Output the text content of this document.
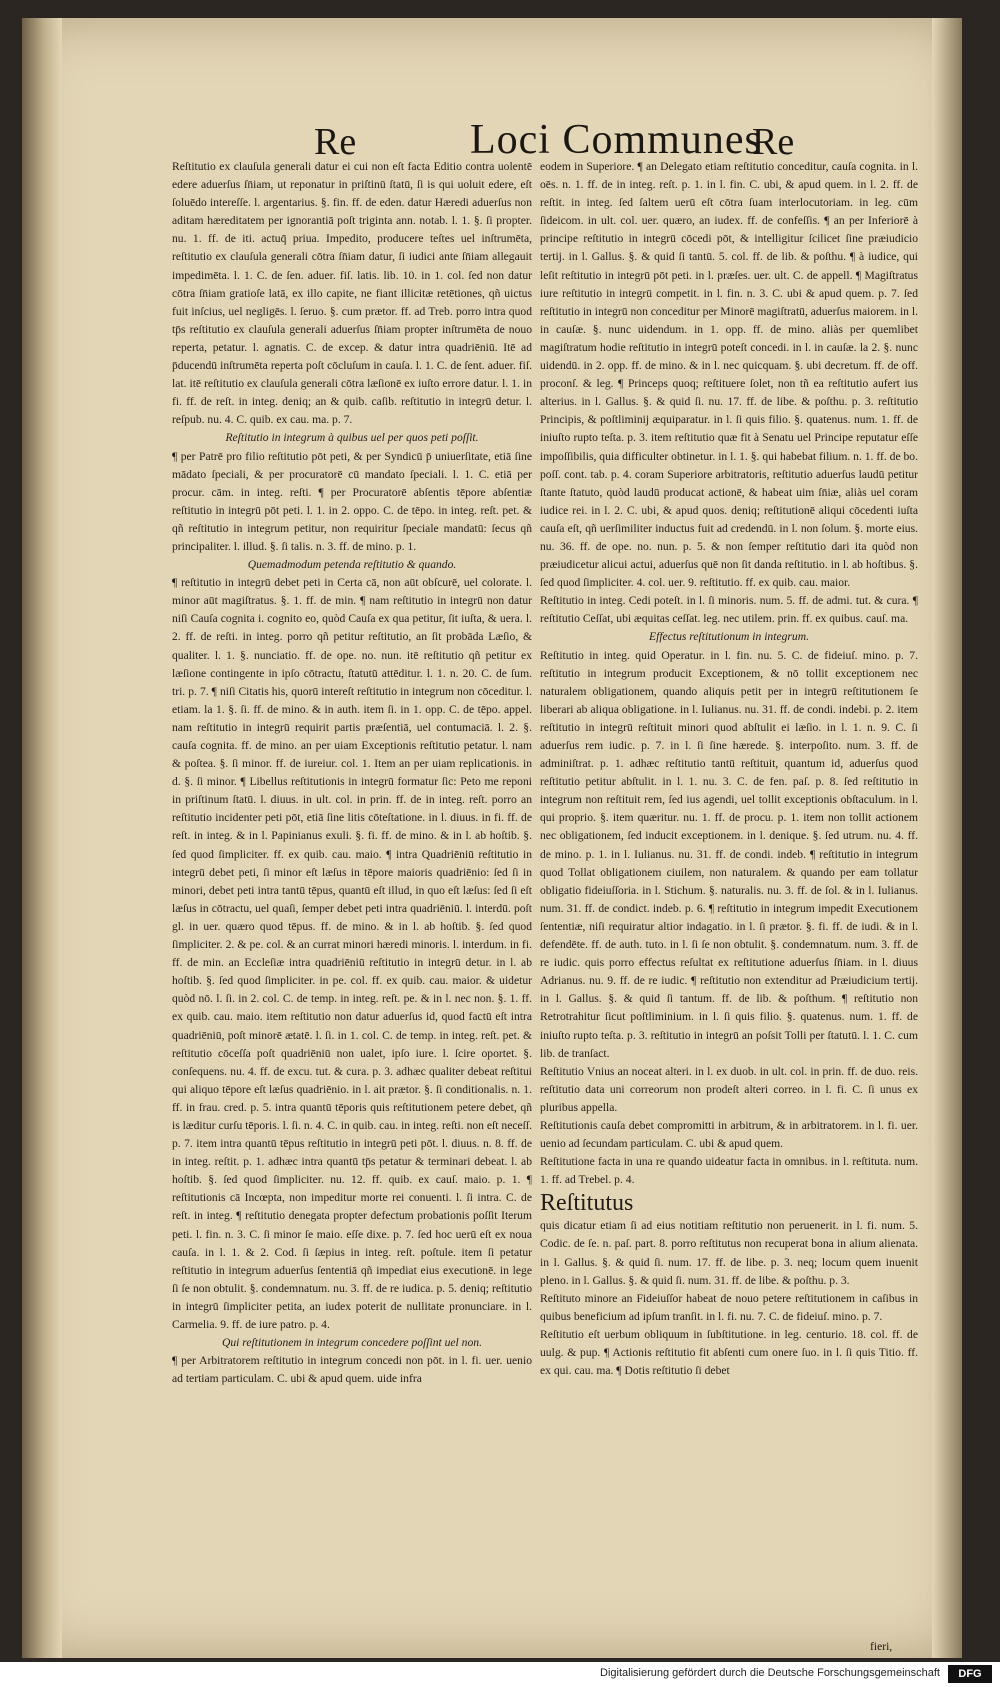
Re	Loci Communes
Re

Reſtitutio ex clauſula generali datur ei cui non eſt facta Editio contra uolentē edere aduerſus ſn̄iam, ut reponatur in priſtinū ſtatū, ſi is qui uoluit edere, eſt ſoluēdo intereſſe. l. argentarius. §. fin. ff. de eden. datur Hæredi aduerſus non aditam hæreditatem per ignorantiā poſt triginta ann. notab. l. 1. §. ſi propter. nu. 1. ff. de iti. actuq̄ priua. Impedito, producere teſtes uel inſtrumēta, reſtitutio ex clauſula generali cōtra ſn̄iam datur, ſi iudici ante ſn̄iam allegauit impedimēta. l. 1. C. de ſen. aduer. fiſ. latis. lib. 10. in 1. col. ſed non datur cōtra ſn̄iam gratioſe latā, ex illo capite, ne fiant illicitæ retētiones, qñ uictus fuit inſcius, uel negligēs. l. ſeruo. §. cum prætor. ff. ad Treb. porro intra quod tp̄s reſtitutio ex clauſula generali aduerſus ſn̄iam propter inſtrumēta de nouo reperta, petatur. l. agnatis. C. de excep. & datur intra quadriēniū. Itē ad p̄ducendū inſtrumēta reperta poſt cōcluſum in cauſa. l. 1. C. de ſent. aduer. fiſ. lat. itē reſtitutio ex clauſula generali cōtra læſionē ex iuſto errore datur. l. 1. in fi. ff. de reſt. in integ. deniq; an & quib. caſib. reſtitutio in integrū detur. l. reſpub. nu. 4. C. quib. ex cau. ma. p. 7.

Reſtitutio in integrum à quibus uel per quos peti poſſit.

¶ per Patrē pro filio reſtitutio pōt peti, & per Syndicū p̄ uniuerſitate, etiā ſine mādato ſpeciali, & per procuratorē cū mandato ſpeciali. l. 1. C. etiā per procur. cām. in integ. reſti. ¶ per Procuratorē abſentis tēpore abſentiæ reſtitutio in integrū pōt peti. l. 1. in 2. oppo. C. de tēpo. in integ. reſt. pet. & qñ reſtitutio in integrum petitur, non requiritur ſpeciale mandatū: ſecus qñ principaliter. l. illud. §. ſi talis. n. 3. ff. de mino. p. 1.

Quemadmodum petenda reſtitutio & quando.

¶ reſtitutio in integrū debet peti in Certa cā, non aūt obſcurē, uel colorate. l. minor aūt magiſtratus. §. 1. ff. de min. ¶ nam reſtitutio in integrū non datur niſi Cauſa cognita i. cognito eo, quòd Cauſa ex qua petitur, ſit iuſta, & uera. l. 2. ff. de reſti. in integ. porro qñ petitur reſtitutio, an ſit probāda Læſio, & qualiter. l. 1. §. nunciatio. ff. de ope. no. nun. itē reſtitutio qñ petitur ex læſione contingente in ipſo cōtractu, ſtatutū attēditur. l. 1. n. 20. C. de ſum. tri. p. 7. ¶ niſi Citatis his, quorū intereſt reſtitutio in integrum non cōceditur. l. etiam. la 1. §. ſi. ff. de mino. & in auth. item ſi. in 1. opp. C. de tēpo. appel. nam reſtitutio in integrū requirit partis præſentiā, uel contumaciā. l. 2. §. cauſa cognita. ff. de mino. an per uiam Exceptionis reſtitutio petatur. l. nam & poſtea. §. ſi minor. ff. de iureiur. col. 1. Item an per uiam replicationis. in d. §. ſi minor. ¶ Libellus reſtitutionis in integrū formatur ſic: Peto me reponi in priſtinum ſtatū. l. diuus. in ult. col. in prin. ff. de in integ. reſt. porro an reſtitutio incidenter peti pōt, etiā ſine litis cōteſtatione. in l. diuus. in fi. ff. de reſt. in integ. & in l. Papinianus exuli. §. fi. ff. de mino. & in l. ab hoſtib. §. ſed quod ſimpliciter. ff. ex quib. cau. maio. ¶ intra Quadriēniū reſtitutio in integrū debet peti, ſi minor eſt læſus in tēpore maioris quadriēnio: ſed ſi in minori, debet peti intra tantū tēpus, quantū eſt illud, in quo eſt læſus: ſed ſi eſt læſus in cōtractu, uel quaſi, ſemper debet peti intra quadriēniū. l. interdū. poſt gl. in uer. quæro quod tēpus. ff. de mino. & in l. ab hoſtib. §. ſed quod ſimpliciter. 2. & pe. col. & an currat minori hæredi minoris. l. interdum. in fi. ff. de min. an Eccleſiæ intra quadriēniū reſtitutio in integrū detur. in l. ab hoſtib. §. ſed quod ſimpliciter. in pe. col. ff. ex quib. cau. maior. & uidetur quòd nō. l. ſi. in 2. col. C. de temp. in integ. reſt. pe. & in l. nec non. §. 1. ff. ex quib. cau. maio. item reſtitutio non datur aduerſus id, quod factū eſt intra quadriēniū, poſt minorē ætatē. l. ſi. in 1. col. C. de temp. in integ. reſt. pet. & reſtitutio cōceſſa poſt quadriēniū non ualet, ipſo iure. l. ſcire oportet. §. conſequens. nu. 4. ff. de excu. tut. & cura. p. 3. adhæc qualiter debeat reſtitui qui aliquo tēpore eſt læſus quadriēnio. in l. ait prætor. §. ſi conditionalis. n. 1. ff. in frau. cred. p. 5. intra quantū tēporis quis reſtitutionem petere debet, qñ is læditur curſu tēporis. l. ſi. n. 4. C. in quib. cau. in integ. reſti. non eſt neceſſ. p. 7. item intra quantū tēpus reſtitutio in integrū peti pōt. l. diuus. n. 8. ff. de in integ. reſtit. p. 1. adhæc intra quantū tp̄s petatur & terminari debeat. l. ab hoſtib. §. ſed quod ſimpliciter. nu. 12. ff. quib. ex cauſ. maio. p. 1. ¶ reſtitutionis cā Incœpta, non impeditur morte rei conuenti. l. ſi intra. C. de reſt. in integ. ¶ reſtitutio denegata propter defectum probationis poſſit Iterum peti. l. fin. n. 3. C. ſi minor ſe maio. eſſe dixe. p. 7. ſed hoc uerū eſt ex noua cauſa. in l. 1. & 2. Cod. ſi ſæpius in integ. reſt. poſtule. item ſi petatur reſtitutio in integrum aduerſus ſententiā qñ impediat eius executionē. in lege ſi ſe non obtulit. §. condemnatum. nu. 3. ff. de re iudica. p. 5. deniq; reſtitutio in integrū ſimpliciter petita, an iudex poterit de nullitate pronunciare. in l. Carmelia. 9. ff. de iure patro. p. 4.

Qui reſtitutionem in integrum concedere poſſint uel non.

¶ per Arbitratorem reſtitutio in integrum concedi non pōt. in l. fi. uer. uenio ad tertiam particulam. C. ubi & apud quem. uide infra

eodem in Superiore. ¶ an Delegato etiam reſtitutio conceditur, cauſa cognita. in l. oēs. n. 1. ff. de in integ. reſt. p. 1. in l. fin. C. ubi, & apud quem. in l. 2. ff. de reſtit. in integ. ſed ſaltem uerū eſt cōtra ſuam interlocutoriam. in leg. cūm ſideicom. in ult. col. uer. quæro, an iudex. ff. de confeſſis. ¶ an per Inferiorē à principe reſtitutio in integrū cōcedi pōt, & intelligitur ſcilicet ſine præiudicio tertij. in l. Gallus. §. & quid ſi tantū. 5. col. ff. de lib. & poſthu. ¶ à iudice, qui leſit reſtitutio in integrū pōt peti. in l. præſes. uer. ult. C. de appell. ¶ Magiſtratus iure reſtitutio in integrū competit. in l. fin. n. 3. C. ubi & apud quem. p. 7. ſed reſtitutio in integrū non conceditur per Minorē magiſtratū, aduerſus maiorem. in l. in cauſæ. §. nunc uidendum. in 1. opp. ff. de mino. aliàs per quemlibet magiſtratum hodie reſtitutio in integrū poteſt concedi. in l. in cauſæ. la 2. §. nunc uidendū. in 2. opp. ff. de mino. & in l. nec quicquam. §. ubi decretum. ff. de off. proconſ. & leg. ¶ Princeps quoq; reſtituere ſolet, non tñ ea reſtitutio aufert ius alterius. in l. Gallus. §. & quid ſi. nu. 17. ff. de libe. & poſthu. p. 3. reſtitutio Principis, & poſtliminij æquiparatur. in l. ſi quis filio. §. quatenus. num. 1. ff. de iniuſto rupto teſta. p. 3. item reſtitutio quæ fit à Senatu uel Principe reputatur eſſe impoſſibilis, quia difficulter obtinetur. in l. 1. §. qui habebat filium. n. 1. ff. de bo. poſſ. cont. tab. p. 4. coram Superiore arbitratoris, reſtitutio aduerſus laudū petitur ſtante ſtatuto, quòd laudū producat actionē, & habeat uim ſn̄iæ, aliàs uel coram iudice rei. in l. 2. C. ubi, & apud quos. deniq; reſtitutionē aliqui cōcedenti iuſta cauſa eſt, qñ uerſimiliter inductus fuit ad credendū. in l. non ſolum. §. morte eius. nu. 36. ff. de ope. no. nun. p. 5. & non ſemper reſtitutio dari ita quòd non præiudicetur alicui actui, aduerſus quē non ſit danda reſtitutio. in l. ab hoſtibus. §. ſed quod ſimpliciter. 4. col. uer. 9. reſtitutio. ff. ex quib. cau. maior.

Reſtitutio in integ. Cedi poteſt. in l. ſi minoris. num. 5. ff. de admi. tut. & cura. ¶ reſtitutio Ceſſat, ubi æquitas ceſſat. leg. nec utilem. prin. ff. ex quibus. cauſ. ma.

Effectus reſtitutionum in integrum.

Reſtitutio in integ. quid Operatur. in l. fin. nu. 5. C. de fideiuſ. mino. p. 7. reſtitutio in integrum producit Exceptionem, & nō tollit exceptionem nec naturalem obligationem, quando aliquis petit per in integrū reſtitutionem ſe liberari ab aliqua obligatione. in l. Iulianus. nu. 31. ff. de condi. indebi. p. 2. item reſtitutio in integrū reſtituit minori quod abſtulit ei læſio. in l. 1. n. 9. C. ſi aduerſus rem iudic. p. 7. in l. ſi ſine hærede. §. interpoſito. num. 3. ff. de adminiſtrat. p. 1. adhæc reſtitutio tantū reſtituit, quantum id, aduerſus quod reſtitutio petitur abſtulit. in l. 1. nu. 3. C. de fen. paſ. p. 8. ſed reſtitutio in integrum non reſtituit rem, ſed ius agendi, uel tollit exceptionis obſtaculum. in l. qui proprio. §. item quæritur. nu. 1. ff. de procu. p. 1. item non tollit actionem nec obligationem, ſed inducit exceptionem. in l. denique. §. ſed utrum. nu. 4. ff. de mino. p. 1. in l. Iulianus. nu. 31. ff. de condi. indeb. ¶ reſtitutio in integrum quod Tollat obligationem ciuilem, non naturalem. & quando per eam tollatur obligatio fideiuſſoria. in l. Stichum. §. naturalis. nu. 3. ff. de ſol. & in l. Iulianus. num. 31. ff. de condict. indeb. p. 6. ¶ reſtitutio in integrum impedit Executionem ſententiæ, niſi requiratur altior indagatio. in l. ſi prætor. §. fi. ff. de iudi. & in l. defendēte. ff. de auth. tuto. in l. ſi ſe non obtulit. §. condemnatum. num. 3. ff. de re iudic. quis porro effectus reſultat ex reſtitutione aduerſus ſn̄iam. in l. diuus Adrianus. nu. 9. ff. de re iudic. ¶ reſtitutio non extenditur ad Præiudicium tertij. in l. Gallus. §. & quid ſi tantum. ff. de lib. & poſthum. ¶ reſtitutio non Retrotrahitur ſicut poſtliminium. in l. ſi quis filio. §. quatenus. num. 1. ff. de iniuſto rupto teſta. p. 3. reſtitutio in integrū an poſsit Tolli per ſtatutū. l. 1. C. cum lib. de tranſact.

Reſtitutio Vnius an noceat alteri. in l. ex duob. in ult. col. in prin. ff. de duo. reis. reſtitutio data uni correorum non prodeſt alteri correo. in l. fi. C. ſi unus ex pluribus appella.

Reſtitutionis cauſa debet compromitti in arbitrum, & in arbitratorem. in l. fi. uer. uenio ad ſecundam particulam. C. ubi & apud quem.

Reſtitutione facta in una re quando uideatur facta in omnibus. in l. reſtituta. num. 1. ff. ad Trebel. p. 4.

Reſtitutus

quis dicatur etiam ſi ad eius notitiam reſtitutio non peruenerit. in l. fi. num. 5. Codic. de ſe. n. paſ. part. 8. porro reſtitutus non recuperat bona in alium alienata. in l. Gallus. §. & quid ſi. num. 17. ff. de libe. p. 3. neq; locum quem inuenit pleno. in l. Gallus. §. & quid ſi. num. 31. ff. de libe. & poſthu. p. 3.

Reſtituto minore an Fideiuſſor habeat de nouo petere reſtitutionem in caſibus in quibus beneficium ad ipſum tranſit. in l. fi. nu. 7. C. de fideiuſ. mino. p. 7.

Reſtitutio eſt uerbum obliquum in ſubſtitutione. in leg. centurio. 18. col. ff. de uulg. & pup. ¶ Actionis reſtitutio fit abſenti cum onere ſuo. in l. ſi quis Titio. ff. ex qui. cau. ma. ¶ Dotis reſtitutio ſi debet

fieri,
Digitalisierung gefördert durch die Deutsche Forschungsgemeinschaft	DFG
